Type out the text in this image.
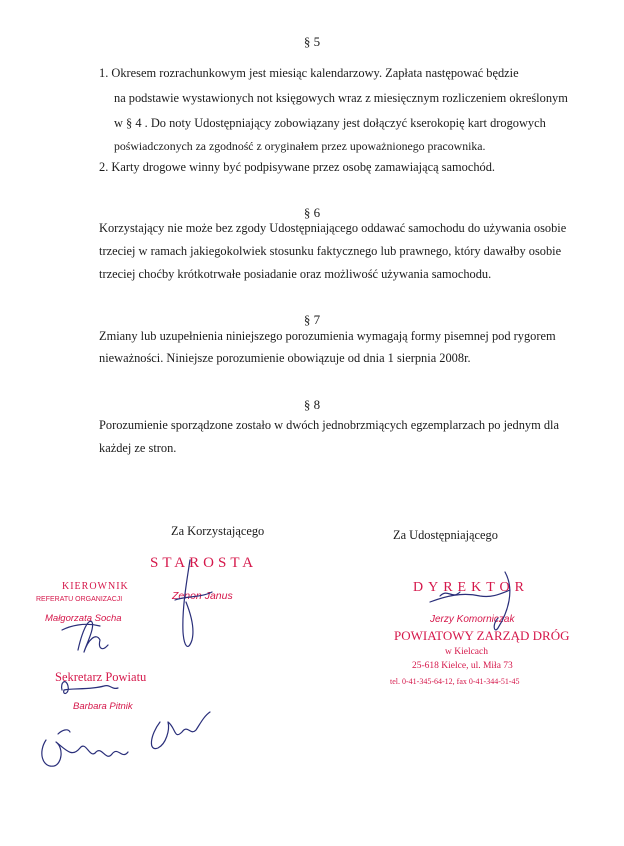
§ 5
1. Okresem rozrachunkowym jest miesiąc kalendarzowy. Zapłata następować będzie
na podstawie wystawionych not księgowych wraz z miesięcznym rozliczeniem określonym
w § 4 . Do noty Udostępniający zobowiązany jest dołączyć kserokopię kart drogowych
poświadczonych za zgodność z oryginałem przez upoważnionego pracownika.
2. Karty drogowe winny być podpisywane przez osobę zamawiającą samochód.
§ 6
Korzystający nie może bez zgody Udostępniającego oddawać samochodu do używania osobie
trzeciej w ramach jakiegokolwiek stosunku faktycznego lub prawnego, który dawałby osobie
trzeciej choćby krótkotrwałe posiadanie oraz możliwość używania samochodu.
§ 7
Zmiany lub uzupełnienia niniejszego porozumienia wymagają formy pisemnej pod rygorem
nieważności. Niniejsze porozumienie obowiązuje od dnia 1 sierpnia 2008r.
§ 8
Porozumienie sporządzone zostało w dwóch jednobrzmiących egzemplarzach po jednym dla
każdej ze stron.
Za Korzystającego	Za Udostępniającego
STAROSTA
Zenon Janus
KIEROWNIK
REFERATU ORGANIZACJI
Małgorzata Socha
Sekretarz Powiatu
Barbara Pitnik
DYREKTOR
Jerzy Komorniczak
POWIATOWY ZARZĄD DRÓG
w Kielcach
25-618 Kielce, ul. Miła 73
tel. 0-41-345-64-12, fax 0-41-344-51-45
